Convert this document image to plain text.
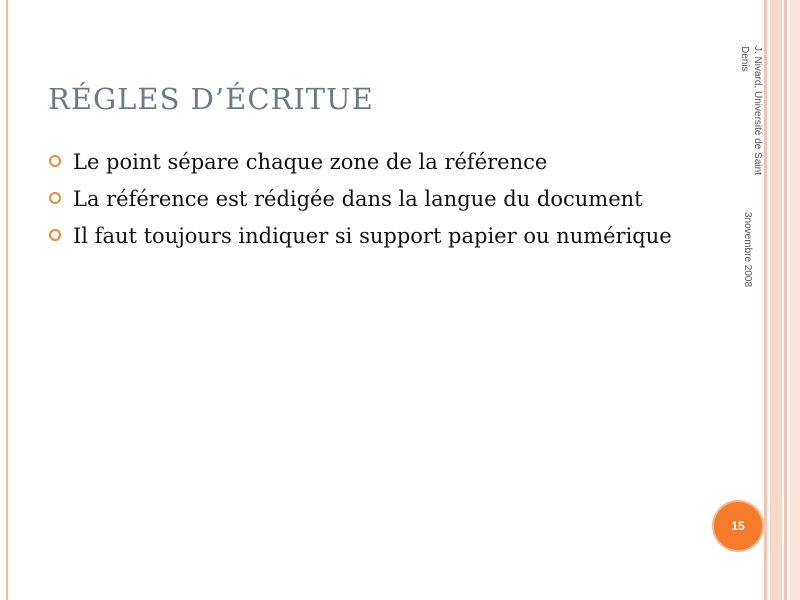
RÉGLES D’ÉCRITUE
Le point sépare chaque zone de la référence
La référence est rédigée dans la langue du document
Il faut toujours indiquer si support papier ou numérique
J. Nivard, Université de Saint Denis
3novembre 2008
15
